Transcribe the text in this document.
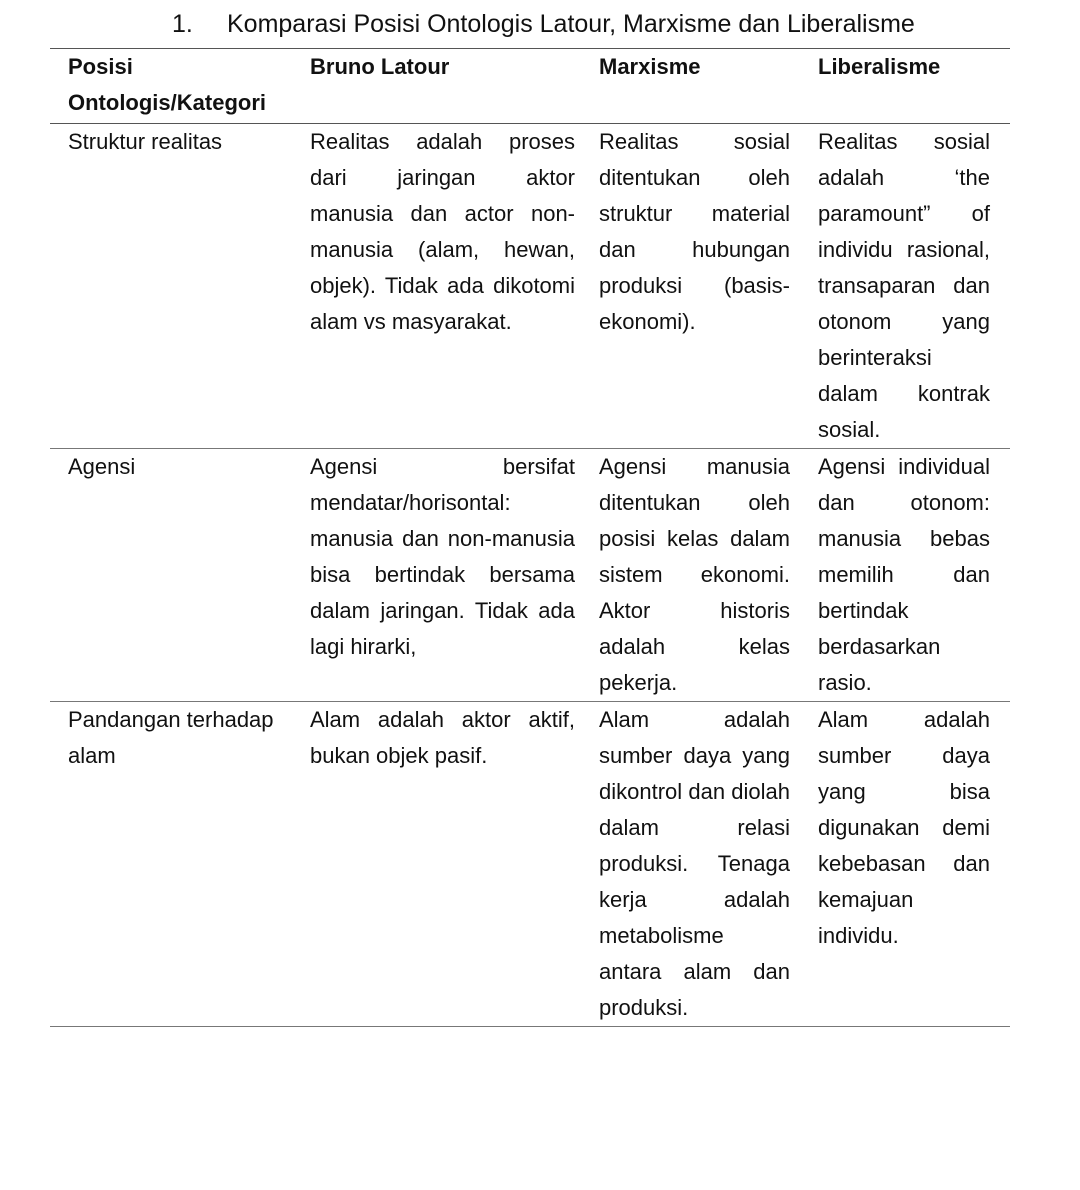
1. Komparasi Posisi Ontologis Latour, Marxisme dan Liberalisme
Posisi Ontologis/Kategori	Bruno Latour	Marxisme	Liberalisme
Struktur realitas	Realitas adalah proses dari jaringan aktor manusia dan actor non-manusia (alam, hewan, objek). Tidak ada dikotomi alam vs masyarakat.	Realitas sosial ditentukan oleh struktur material dan hubungan produksi (basis-ekonomi).	Realitas sosial adalah ‘the paramount” of individu rasional, transaparan dan otonom yang berinteraksi dalam kontrak sosial.
Agensi	Agensi bersifat mendatar/horisontal: manusia dan non-manusia bisa bertindak bersama dalam jaringan. Tidak ada lagi hirarki,	Agensi manusia ditentukan oleh posisi kelas dalam sistem ekonomi. Aktor historis adalah kelas pekerja.	Agensi individual dan otonom: manusia bebas memilih dan bertindak berdasarkan rasio.
Pandangan terhadap alam	Alam adalah aktor aktif, bukan objek pasif.	Alam adalah sumber daya yang dikontrol dan diolah dalam relasi produksi. Tenaga kerja adalah metabolisme antara alam dan produksi.	Alam adalah sumber daya yang bisa digunakan demi kebebasan dan kemajuan individu.
